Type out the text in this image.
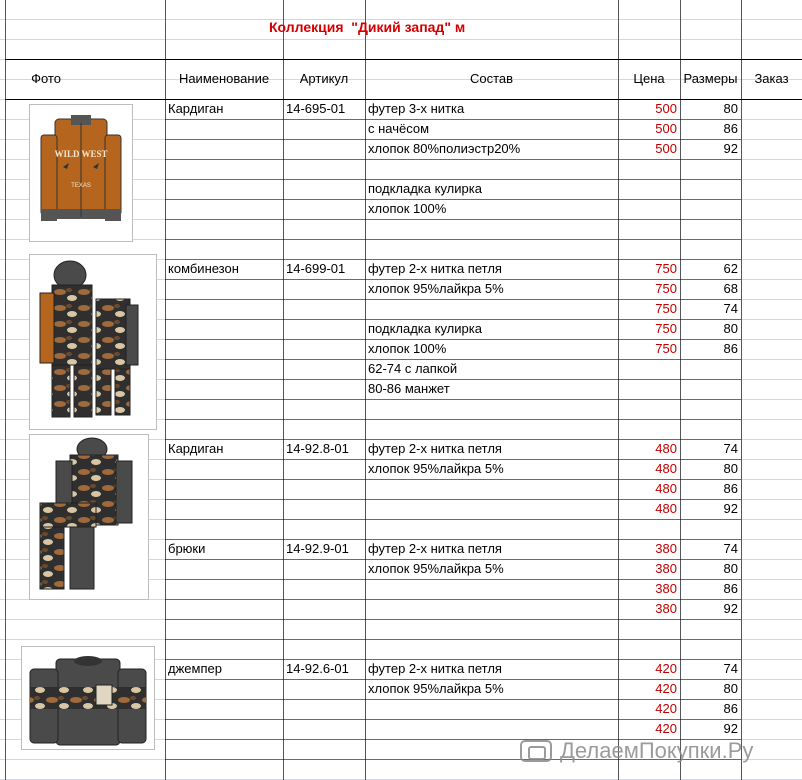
Коллекция  "Дикий запад" м
Фото	Наименование	Артикул	Состав	Цена	Размеры	Заказ
Кардиган	14-695-01	футер 3-х нитка	500	80
с начёсом	500	86
хлопок 80%полиэстр20%	500	92
подкладка кулирка
хлопок 100%
комбинезон	14-699-01	футер 2-х нитка петля	750	62
хлопок 95%лайкра 5%	750	68
750	74
подкладка кулирка	750	80
хлопок 100%	750	86
62-74 с лапкой
80-86 манжет
Кардиган	14-92.8-01	футер 2-х нитка петля	480	74
хлопок 95%лайкра 5%	480	80
480	86
480	92
брюки	14-92.9-01	футер 2-х нитка петля	380	74
хлопок 95%лайкра 5%	380	80
380	86
380	92
джемпер	14-92.6-01	футер 2-х нитка петля	420	74
хлопок 95%лайкра 5%	420	80
420	86
420	92
WILD WEST
TEXAS
ДелаемПокупки.Ру
